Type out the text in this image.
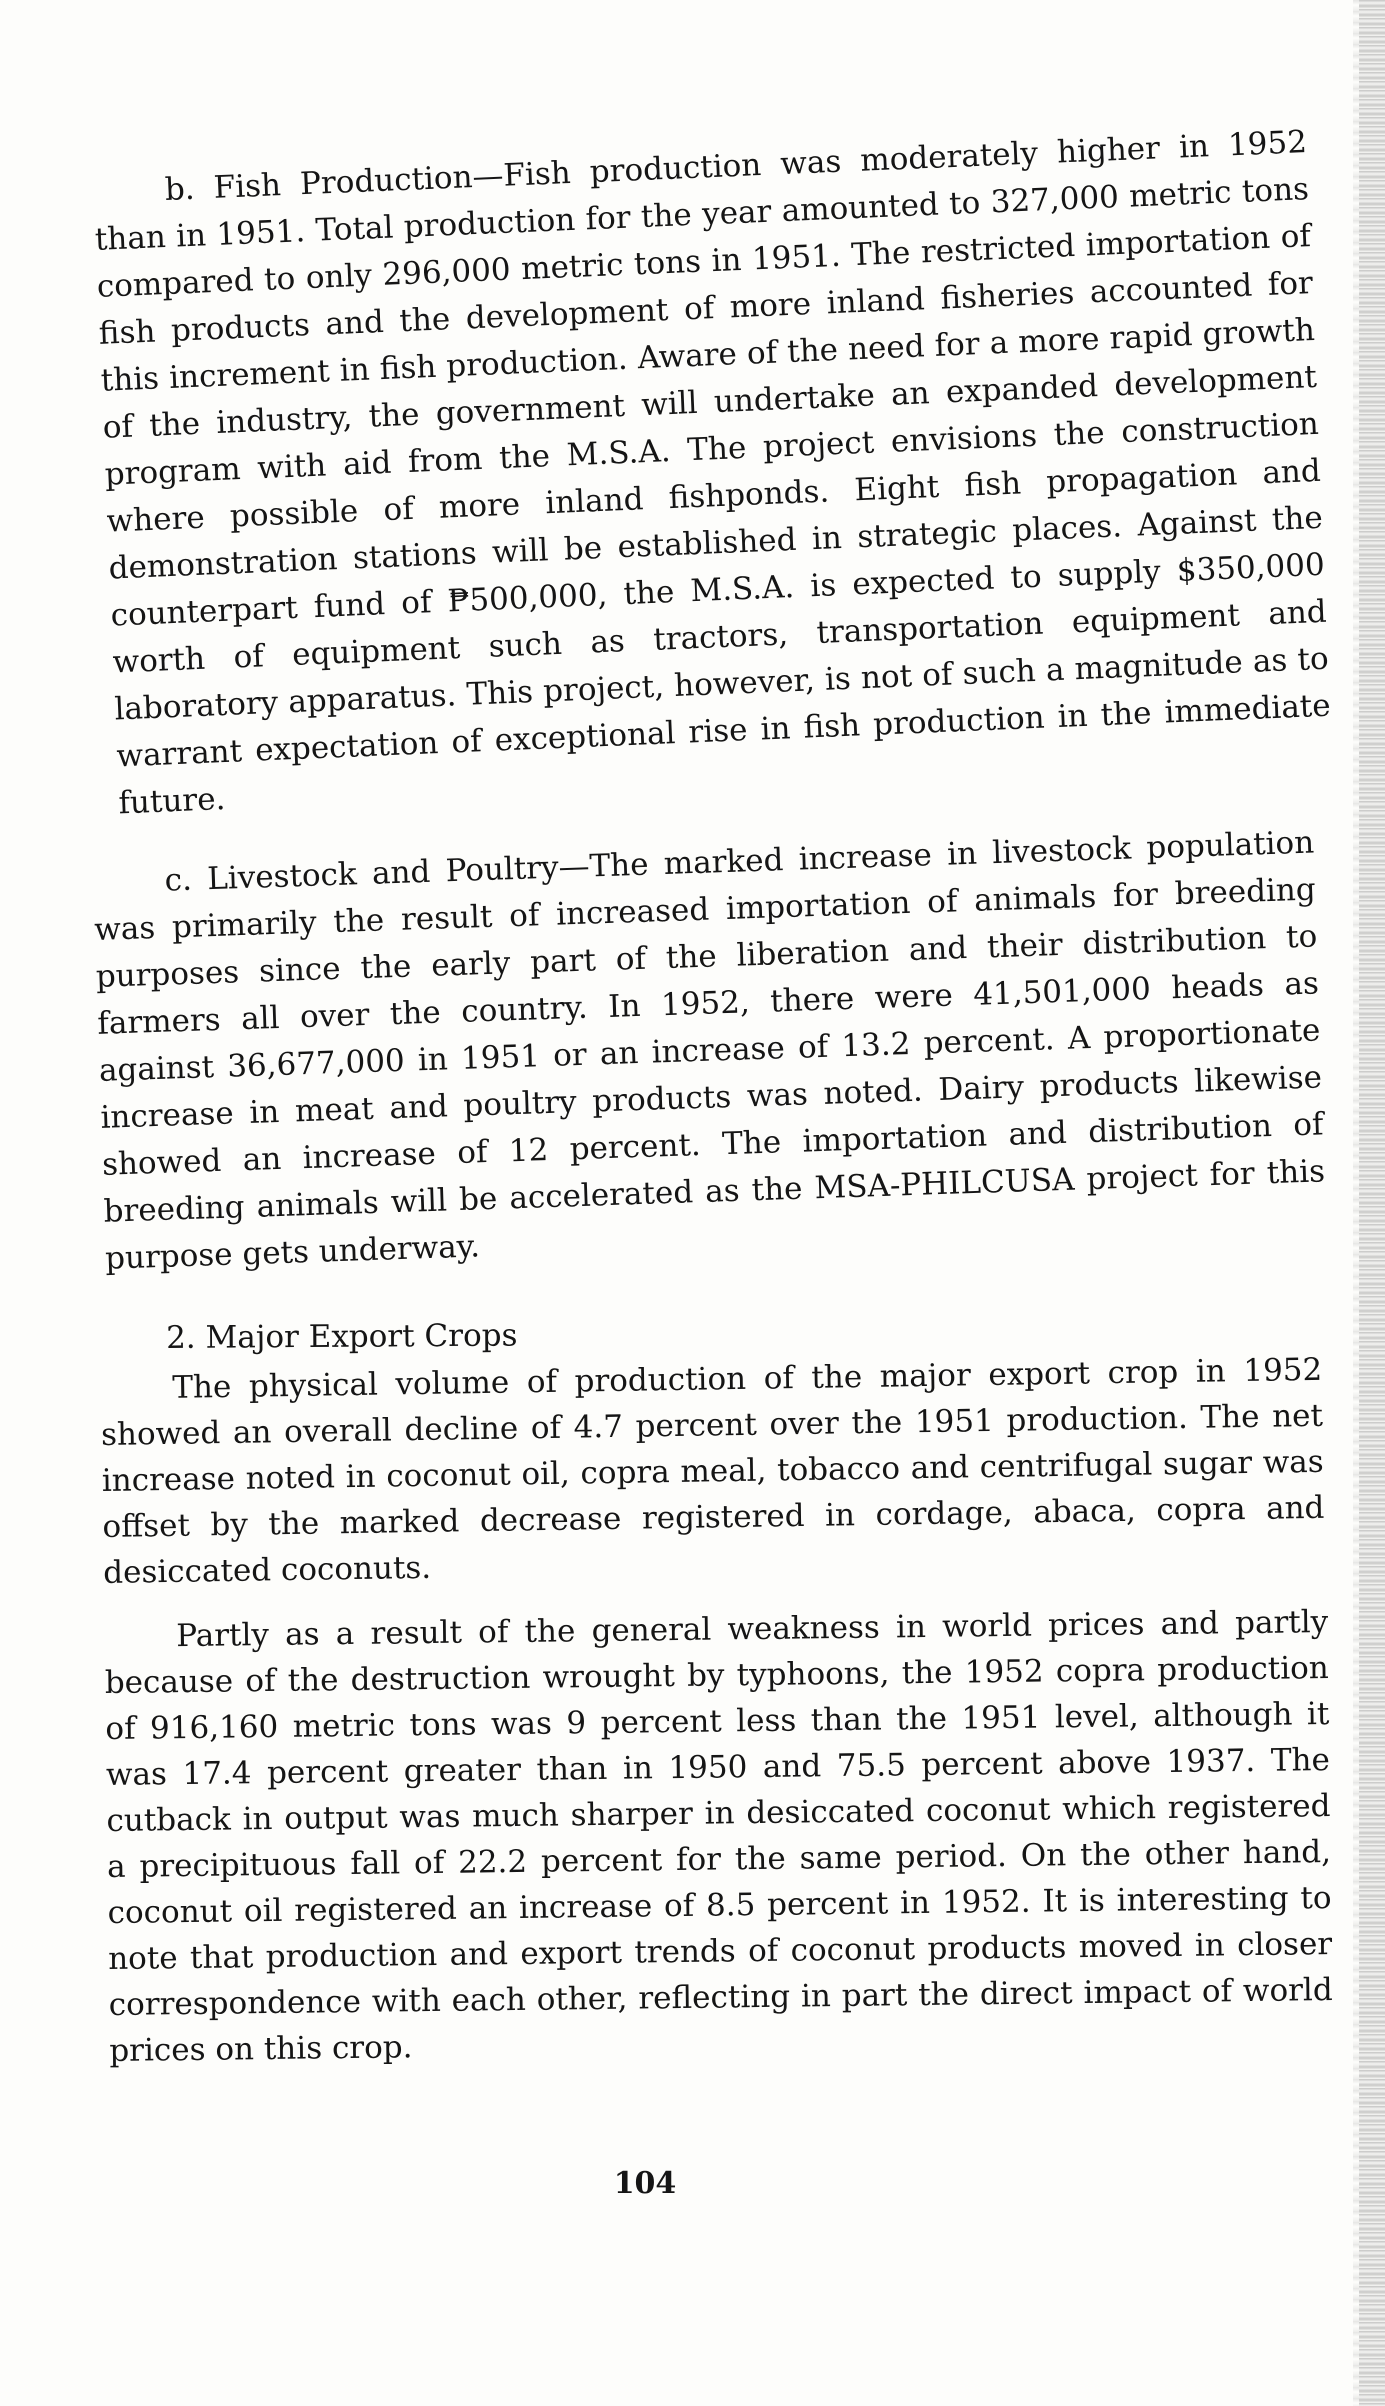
b. Fish Production—Fish production was moderately higher in 1952 than in 1951. Total production for the year amounted to 327,000 metric tons compared to only 296,000 metric tons in 1951. The restricted importation of fish products and the development of more inland fisheries accounted for this increment in fish production. Aware of the need for a more rapid growth of the industry, the government will undertake an expanded development program with aid from the M.S.A. The project envisions the construction where possible of more inland fishponds. Eight fish propagation and demonstration stations will be established in strategic places. Against the counterpart fund of ₱500,000, the M.S.A. is expected to supply $350,000 worth of equipment such as tractors, transportation equipment and laboratory apparatus. This project, however, is not of such a magnitude as to warrant expectation of exceptional rise in fish production in the immediate future.

c. Livestock and Poultry—The marked increase in livestock population was primarily the result of increased importation of animals for breeding purposes since the early part of the liberation and their distribution to farmers all over the country. In 1952, there were 41,501,000 heads as against 36,677,000 in 1951 or an increase of 13.2 percent. A proportionate increase in meat and poultry products was noted. Dairy products likewise showed an increase of 12 percent. The importation and distribution of breeding animals will be accelerated as the MSA-PHILCUSA project for this purpose gets underway.

2. Major Export Crops

The physical volume of production of the major export crop in 1952 showed an overall decline of 4.7 percent over the 1951 production. The net increase noted in coconut oil, copra meal, tobacco and centrifugal sugar was offset by the marked decrease registered in cordage, abaca, copra and desiccated coconuts.

Partly as a result of the general weakness in world prices and partly because of the destruction wrought by typhoons, the 1952 copra production of 916,160 metric tons was 9 percent less than the 1951 level, although it was 17.4 percent greater than in 1950 and 75.5 percent above 1937. The cutback in output was much sharper in desiccated coconut which registered a precipituous fall of 22.2 percent for the same period. On the other hand, coconut oil registered an increase of 8.5 percent in 1952. It is interesting to note that production and export trends of coconut products moved in closer correspondence with each other, reflecting in part the direct impact of world prices on this crop.

104
